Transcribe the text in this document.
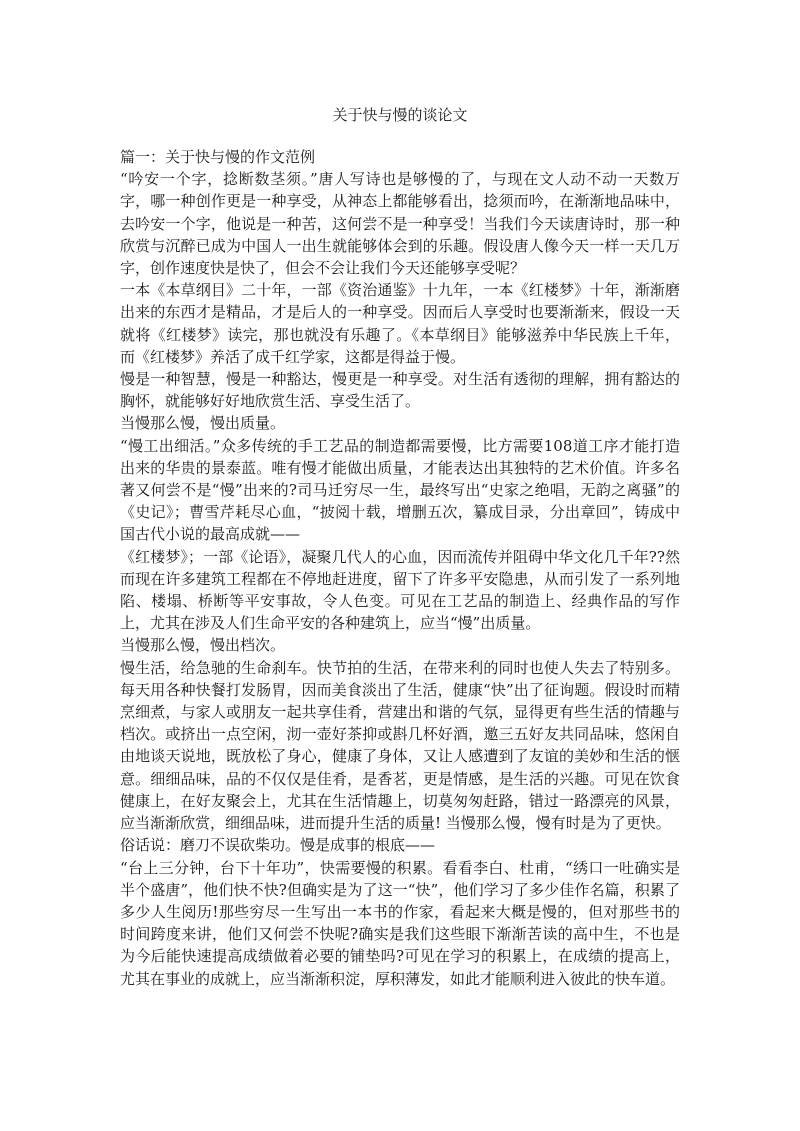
关于快与慢的谈论文

篇一：关于快与慢的作文范例

“吟安一个字，捻断数茎须。”唐人写诗也是够慢的了，与现在文人动不动一天数万字，哪一种创作更是一种享受，从神态上都能够看出，捻须而吟，在渐渐地品味中，去吟安一个字，他说是一种苦，这何尝不是一种享受！当我们今天读唐诗时，那一种欣赏与沉醉已成为中国人一出生就能够体会到的乐趣。假设唐人像今天一样一天几万字，创作速度快是快了，但会不会让我们今天还能够享受呢？

一本《本草纲目》二十年，一部《资治通鉴》十九年，一本《红楼梦》十年，渐渐磨出来的东西才是精品，才是后人的一种享受。因而后人享受时也要渐渐来，假设一天就将《红楼梦》读完，那也就没有乐趣了。《本草纲目》能够滋养中华民族上千年，而《红楼梦》养活了成千红学家，这都是得益于慢。

慢是一种智慧，慢是一种豁达，慢更是一种享受。对生活有透彻的理解，拥有豁达的胸怀，就能够好好地欣赏生活、享受生活了。

当慢那么慢，慢出质量。

“慢工出细活。”众多传统的手工艺品的制造都需要慢，比方需要108道工序才能打造出来的华贵的景泰蓝。唯有慢才能做出质量，才能表达出其独特的艺术价值。许多名著又何尝不是“慢”出来的?司马迁穷尽一生，最终写出“史家之绝唱，无韵之离骚”的《史记》；曹雪芹耗尽心血，“披阅十载，增删五次，纂成目录，分出章回”，铸成中国古代小说的最高成就——

《红楼梦》；一部《论语》，凝聚几代人的心血，因而流传并阻碍中华文化几千年??然而现在许多建筑工程都在不停地赶进度，留下了许多平安隐患，从而引发了一系列地陷、楼塌、桥断等平安事故，令人色变。可见在工艺品的制造上、经典作品的写作上，尤其在涉及人们生命平安的各种建筑上，应当“慢”出质量。

当慢那么慢，慢出档次。

慢生活，给急驰的生命刹车。快节拍的生活，在带来利的同时也使人失去了特别多。每天用各种快餐打发肠胃，因而美食淡出了生活，健康“快”出了征询题。假设时而精烹细煮，与家人或朋友一起共享佳肴，营建出和谐的气氛，显得更有些生活的情趣与档次。或挤出一点空闲，沏一壶好茶抑或斟几杯好酒，邀三五好友共同品味，悠闲自由地谈天说地，既放松了身心，健康了身体，又让人感遭到了友谊的美妙和生活的惬意。细细品味，品的不仅仅是佳肴，是香茗，更是情感，是生活的兴趣。可见在饮食健康上，在好友聚会上，尤其在生活情趣上，切莫匆匆赶路，错过一路漂亮的风景，应当渐渐欣赏，细细品味，进而提升生活的质量! 当慢那么慢，慢有时是为了更快。

俗话说：磨刀不误砍柴功。慢是成事的根底——

“台上三分钟，台下十年功”，快需要慢的积累。看看李白、杜甫，“绣口一吐确实是半个盛唐”，他们快不快?但确实是为了这一“快”，他们学习了多少佳作名篇，积累了多少人生阅历!那些穷尽一生写出一本书的作家，看起来大概是慢的，但对那些书的时间跨度来讲，他们又何尝不快呢?确实是我们这些眼下渐渐苦读的高中生，不也是为今后能快速提高成绩做着必要的铺垫吗?可见在学习的积累上，在成绩的提高上，尤其在事业的成就上，应当渐渐积淀，厚积薄发，如此才能顺利进入彼此的快车道。
